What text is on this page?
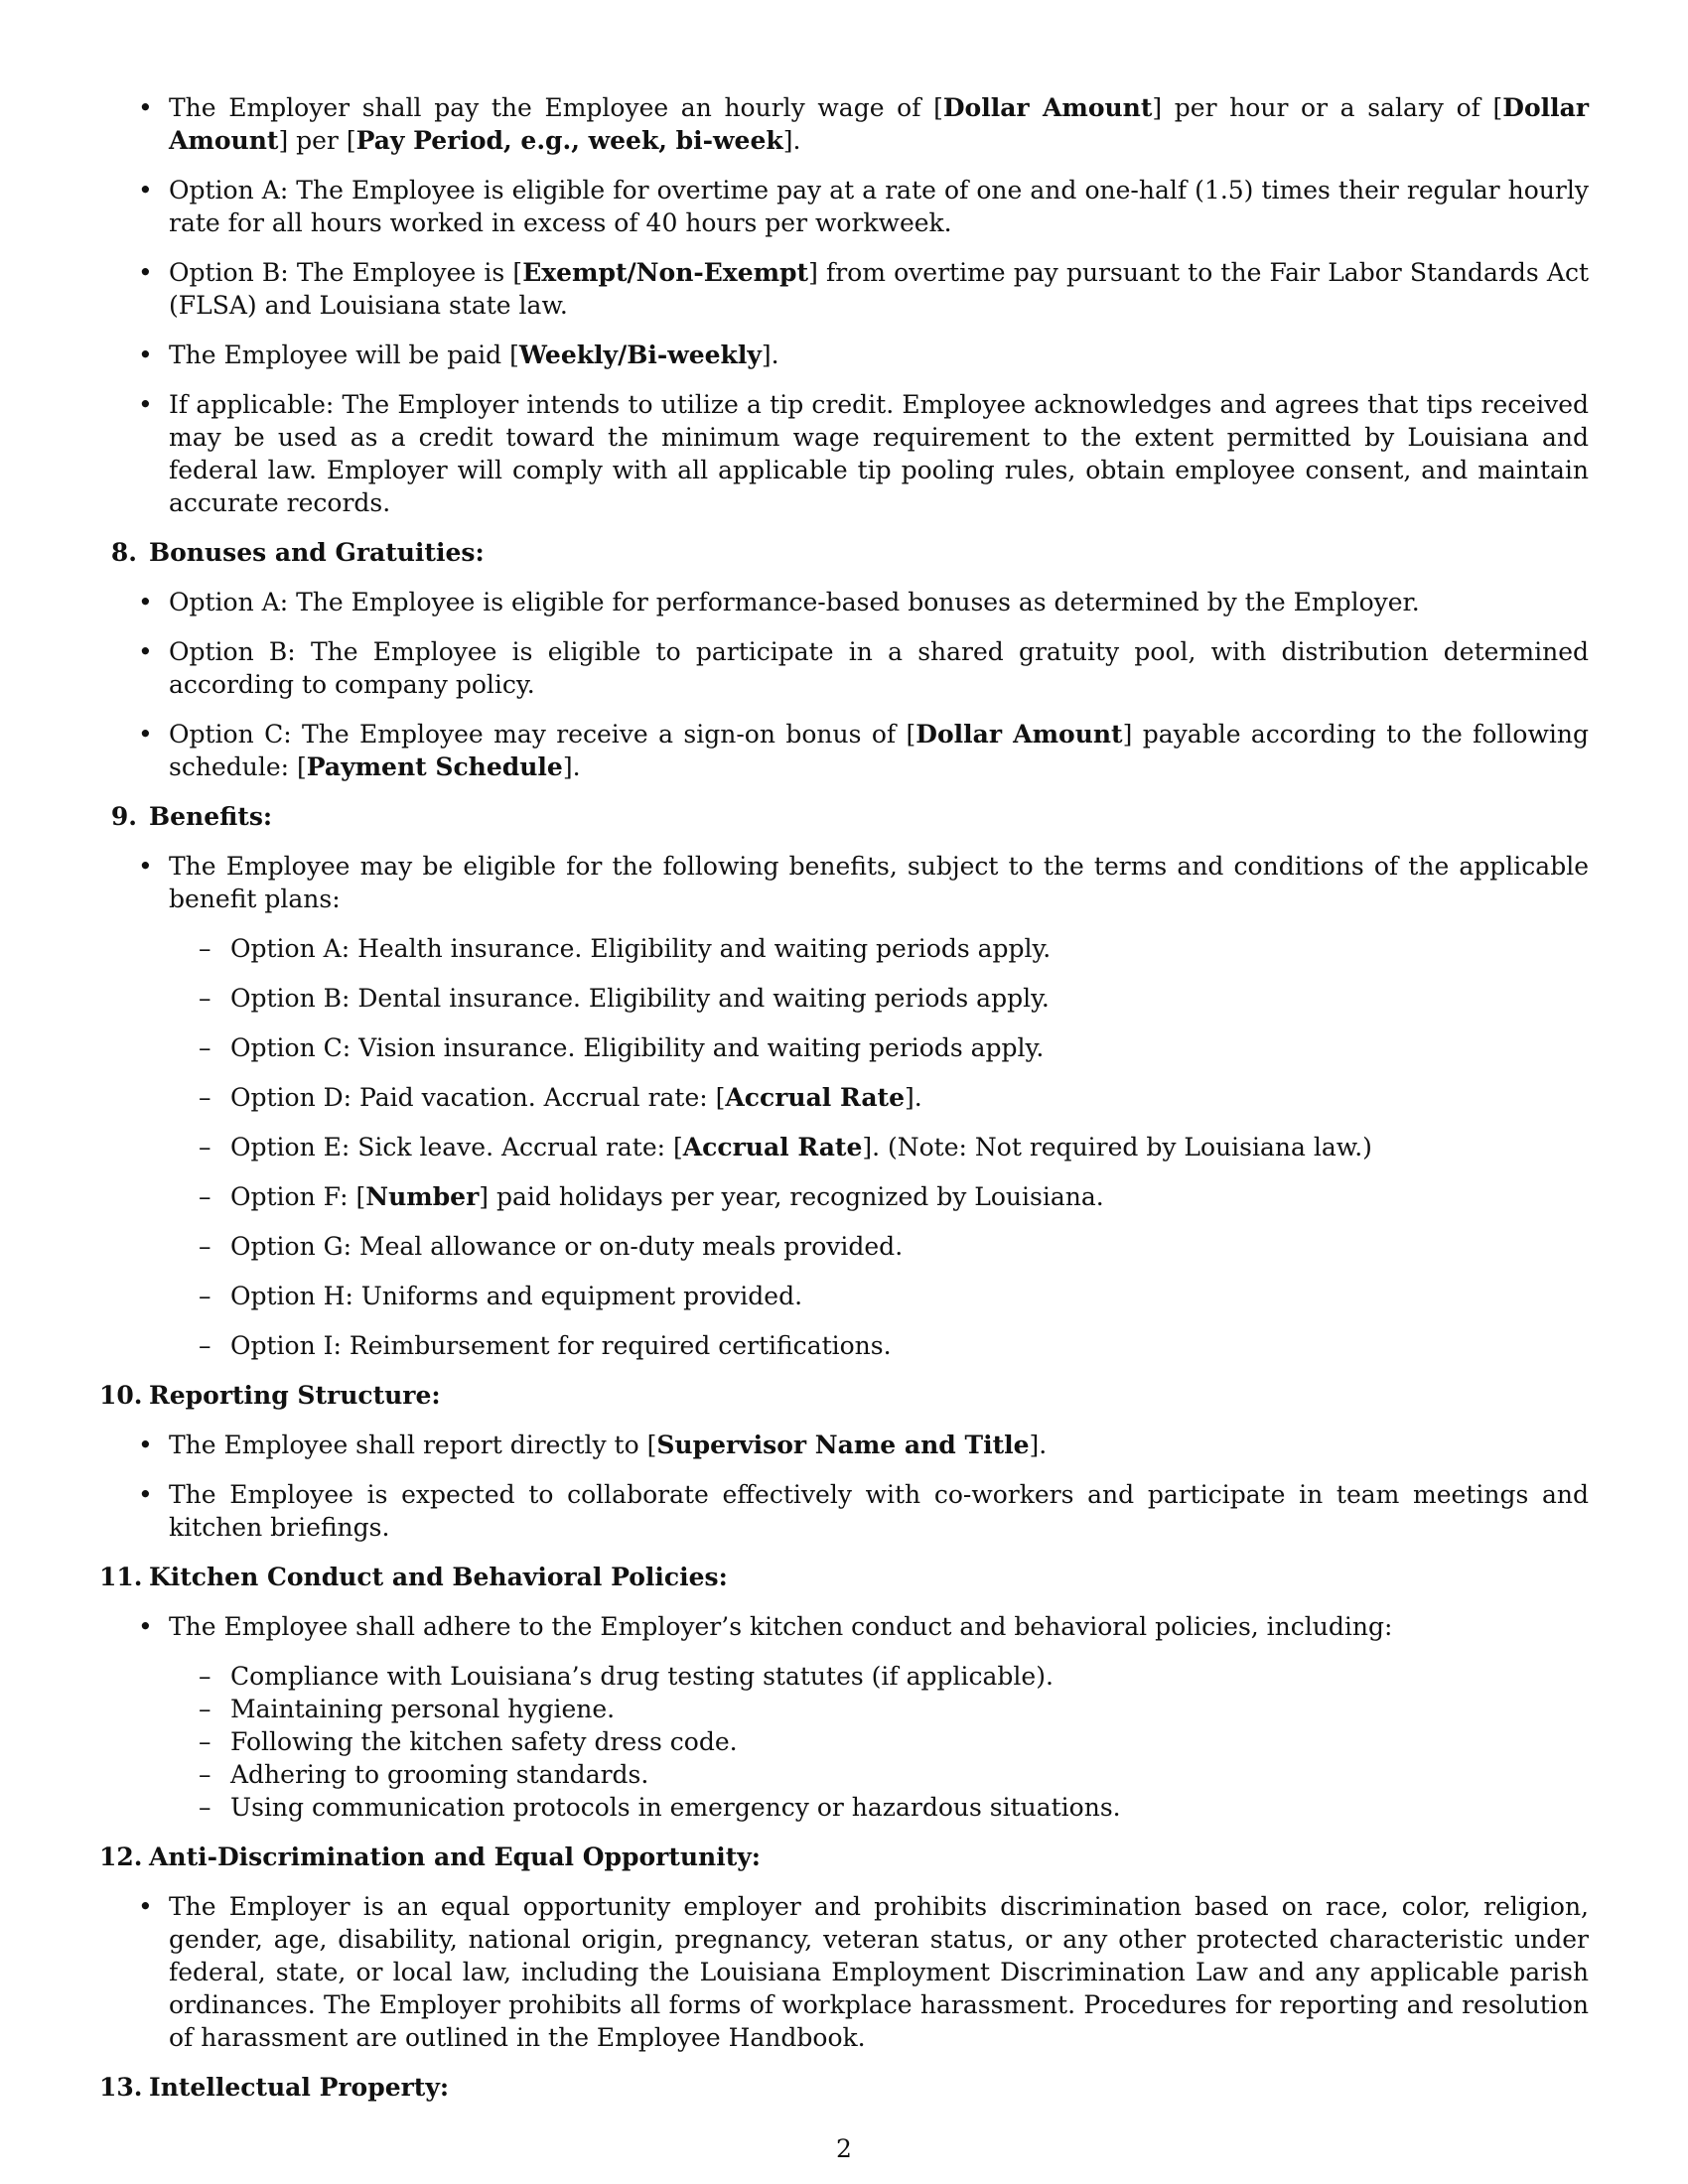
• The Employer shall pay the Employee an hourly wage of [Dollar Amount] per hour or a salary of [Dollar Amount] per [Pay Period, e.g., week, bi-week].
• Option A: The Employee is eligible for overtime pay at a rate of one and one-half (1.5) times their regular hourly rate for all hours worked in excess of 40 hours per workweek.
• Option B: The Employee is [Exempt/Non-Exempt] from overtime pay pursuant to the Fair Labor Standards Act (FLSA) and Louisiana state law.
• The Employee will be paid [Weekly/Bi-weekly].
• If applicable: The Employer intends to utilize a tip credit. Employee acknowledges and agrees that tips received may be used as a credit toward the minimum wage requirement to the extent permitted by Louisiana and federal law. Employer will comply with all applicable tip pooling rules, obtain employee consent, and maintain accurate records.
8. Bonuses and Gratuities:
• Option A: The Employee is eligible for performance-based bonuses as determined by the Employer.
• Option B: The Employee is eligible to participate in a shared gratuity pool, with distribution determined according to company policy.
• Option C: The Employee may receive a sign-on bonus of [Dollar Amount] payable according to the following schedule: [Payment Schedule].
9. Benefits:
• The Employee may be eligible for the following benefits, subject to the terms and conditions of the applicable benefit plans:
– Option A: Health insurance. Eligibility and waiting periods apply.
– Option B: Dental insurance. Eligibility and waiting periods apply.
– Option C: Vision insurance. Eligibility and waiting periods apply.
– Option D: Paid vacation. Accrual rate: [Accrual Rate].
– Option E: Sick leave. Accrual rate: [Accrual Rate]. (Note: Not required by Louisiana law.)
– Option F: [Number] paid holidays per year, recognized by Louisiana.
– Option G: Meal allowance or on-duty meals provided.
– Option H: Uniforms and equipment provided.
– Option I: Reimbursement for required certifications.
10. Reporting Structure:
• The Employee shall report directly to [Supervisor Name and Title].
• The Employee is expected to collaborate effectively with co-workers and participate in team meetings and kitchen briefings.
11. Kitchen Conduct and Behavioral Policies:
• The Employee shall adhere to the Employer’s kitchen conduct and behavioral policies, including:
– Compliance with Louisiana’s drug testing statutes (if applicable).
– Maintaining personal hygiene.
– Following the kitchen safety dress code.
– Adhering to grooming standards.
– Using communication protocols in emergency or hazardous situations.
12. Anti-Discrimination and Equal Opportunity:
• The Employer is an equal opportunity employer and prohibits discrimination based on race, color, religion, gender, age, disability, national origin, pregnancy, veteran status, or any other protected characteristic under federal, state, or local law, including the Louisiana Employment Discrimination Law and any applicable parish ordinances. The Employer prohibits all forms of workplace harassment. Procedures for reporting and resolution of harassment are outlined in the Employee Handbook.
13. Intellectual Property:
2
